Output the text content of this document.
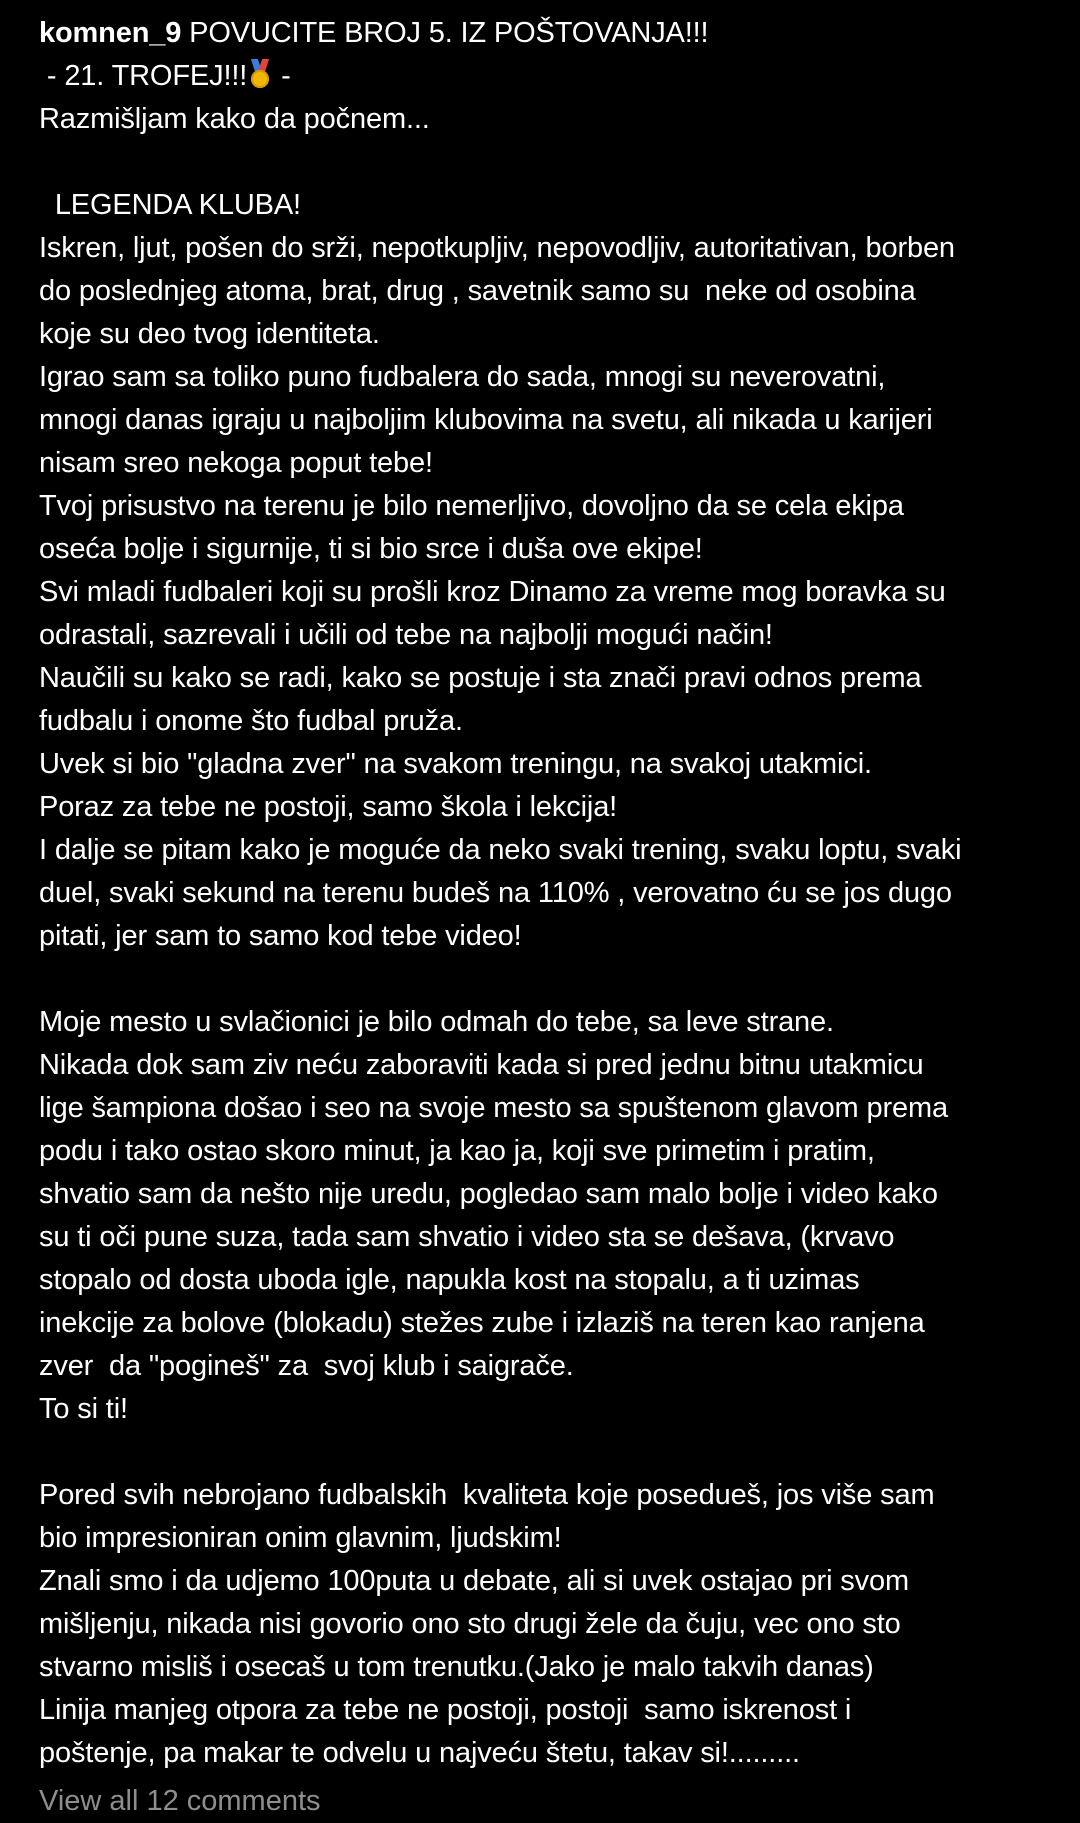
komnen_9 POVUCITE BROJ 5. IZ POŠTOVANJA!!!
- 21. TROFEJ!!!
-
Razmišljam kako da počnem...
LEGENDA KLUBA!
Iskren, ljut, pošen do srži, nepotkupljiv, nepovodljiv, autoritativan, borben
do poslednjeg atoma, brat, drug , savetnik samo su  neke od osobina
koje su deo tvog identiteta.
Igrao sam sa toliko puno fudbalera do sada, mnogi su neverovatni,
mnogi danas igraju u najboljim klubovima na svetu, ali nikada u karijeri
nisam sreo nekoga poput tebe!
Tvoj prisustvo na terenu je bilo nemerljivo, dovoljno da se cela ekipa
oseća bolje i sigurnije, ti si bio srce i duša ove ekipe!
Svi mladi fudbaleri koji su prošli kroz Dinamo za vreme mog boravka su
odrastali, sazrevali i učili od tebe na najbolji mogući način!
Naučili su kako se radi, kako se postuje i sta znači pravi odnos prema
fudbalu i onome što fudbal pruža.
Uvek si bio "gladna zver" na svakom treningu, na svakoj utakmici.
Poraz za tebe ne postoji, samo škola i lekcija!
I dalje se pitam kako je moguće da neko svaki trening, svaku loptu, svaki
duel, svaki sekund na terenu budeš na 110% , verovatno ću se jos dugo
pitati, jer sam to samo kod tebe video!
Moje mesto u svlačionici je bilo odmah do tebe, sa leve strane.
Nikada dok sam ziv neću zaboraviti kada si pred jednu bitnu utakmicu
lige šampiona došao i seo na svoje mesto sa spuštenom glavom prema
podu i tako ostao skoro minut, ja kao ja, koji sve primetim i pratim,
shvatio sam da nešto nije uredu, pogledao sam malo bolje i video kako
su ti oči pune suza, tada sam shvatio i video sta se dešava, (krvavo
stopalo od dosta uboda igle, napukla kost na stopalu, a ti uzimas
inekcije za bolove (blokadu) stežes zube i izlaziš na teren kao ranjena
zver  da "pogineš" za  svoj klub i saigrače.
To si ti!
Pored svih nebrojano fudbalskih  kvaliteta koje posedueš, jos više sam
bio impresioniran onim glavnim, ljudskim!
Znali smo i da udjemo 100puta u debate, ali si uvek ostajao pri svom
mišljenju, nikada nisi govorio ono sto drugi žele da čuju, vec ono sto
stvarno misliš i osecaš u tom trenutku.(Jako je malo takvih danas)
Linija manjeg otpora za tebe ne postoji, postoji  samo iskrenost i
poštenje, pa makar te odvelu u najveću štetu, takav si!.........
View all 12 comments
